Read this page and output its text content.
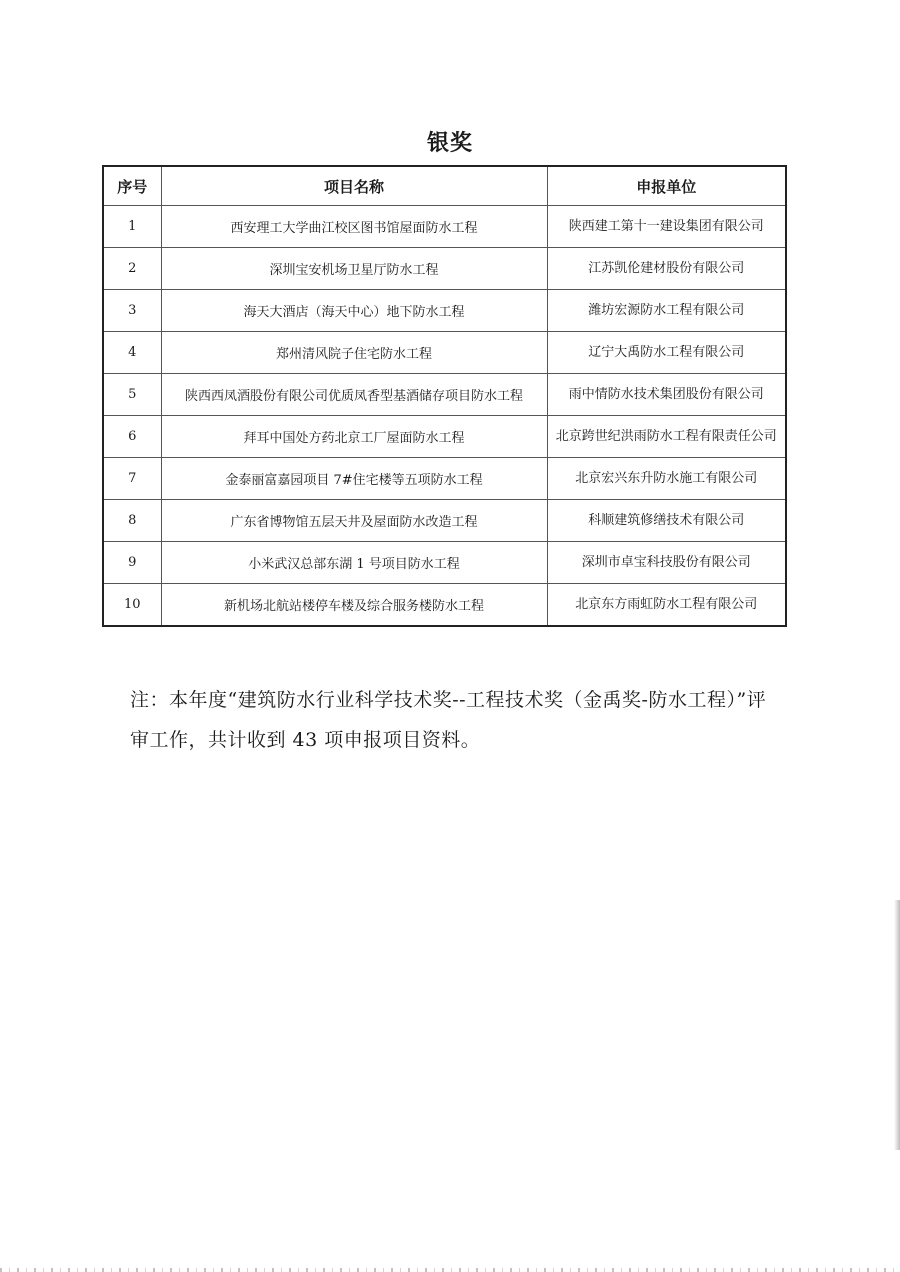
银奖
序号	项目名称	申报单位
1	西安理工大学曲江校区图书馆屋面防水工程	陕西建工第十一建设集团有限公司
2	深圳宝安机场卫星厅防水工程	江苏凯伦建材股份有限公司
3	海天大酒店（海天中心）地下防水工程	潍坊宏源防水工程有限公司
4	郑州清风院子住宅防水工程	辽宁大禹防水工程有限公司
5	陕西西凤酒股份有限公司优质凤香型基酒储存项目防水工程	雨中情防水技术集团股份有限公司
6	拜耳中国处方药北京工厂屋面防水工程	北京跨世纪洪雨防水工程有限责任公司
7	金泰丽富嘉园项目 7#住宅楼等五项防水工程	北京宏兴东升防水施工有限公司
8	广东省博物馆五层天井及屋面防水改造工程	科顺建筑修缮技术有限公司
9	小米武汉总部东湖 1 号项目防水工程	深圳市卓宝科技股份有限公司
10	新机场北航站楼停车楼及综合服务楼防水工程	北京东方雨虹防水工程有限公司
注：本年度“建筑防水行业科学技术奖--工程技术奖（金禹奖-防水工程）”评审工作，共计收到 43 项申报项目资料。
